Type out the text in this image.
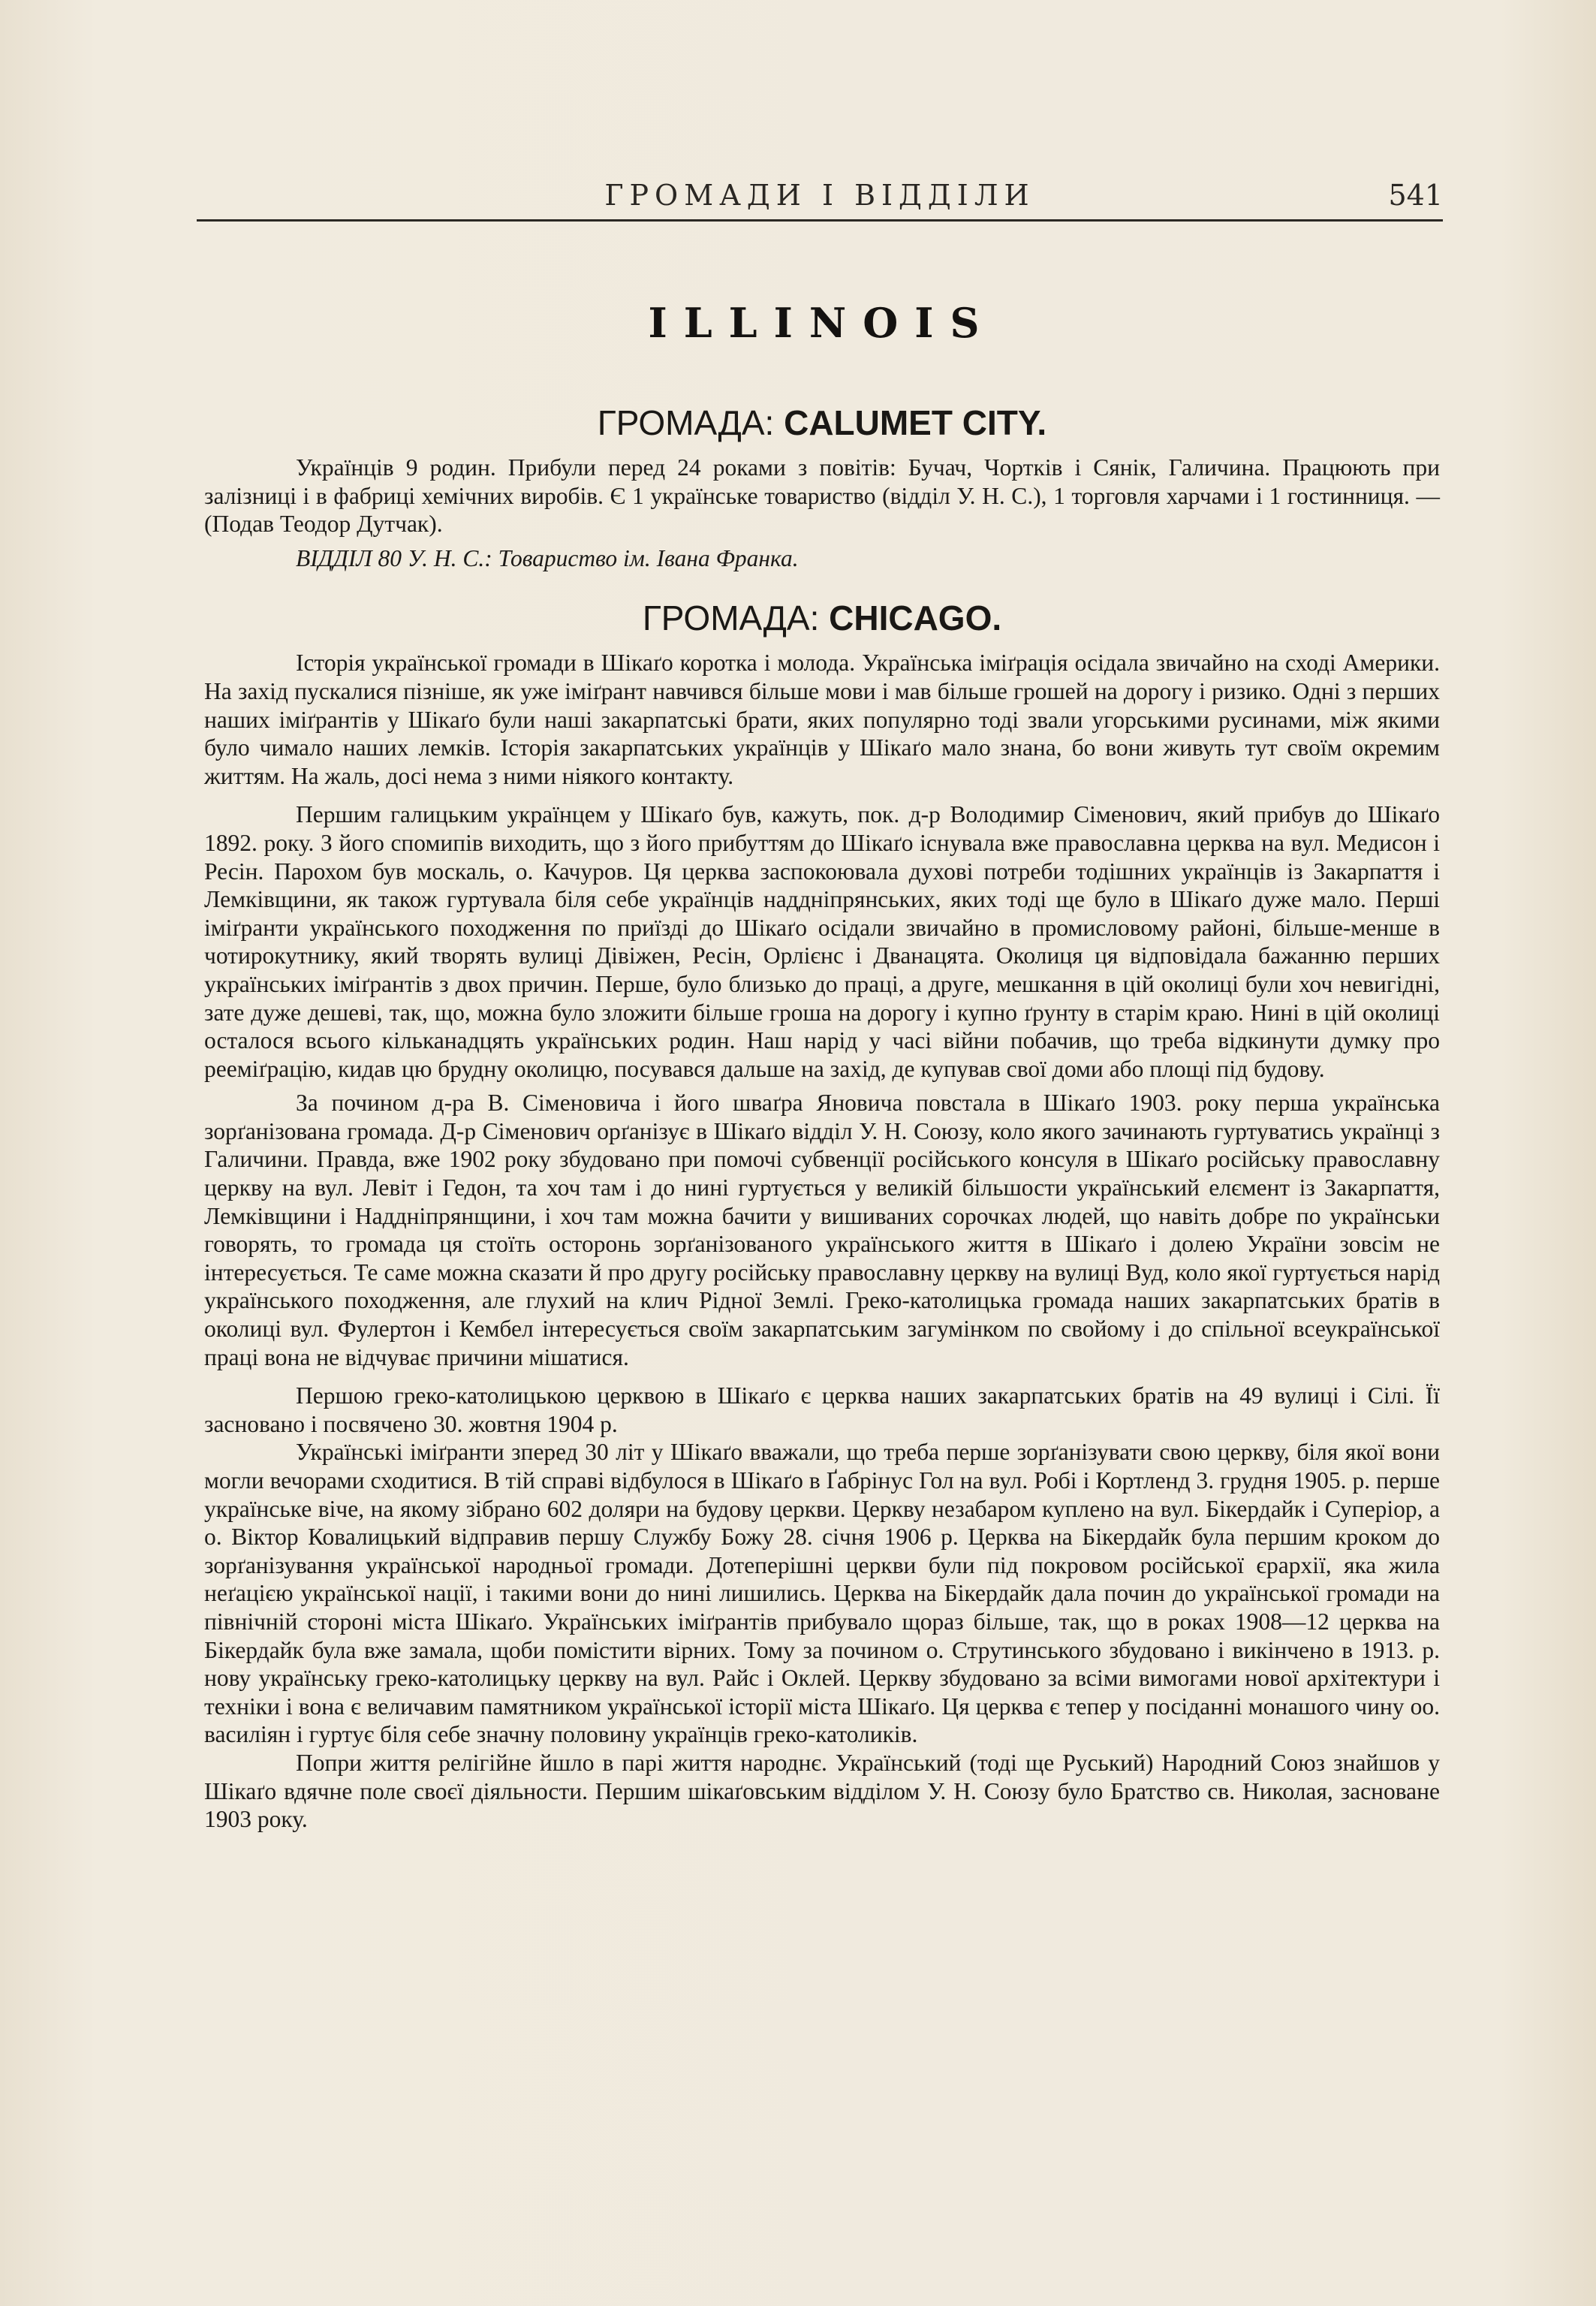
ГРОМАДИ І ВІДДІЛИ	541
ILLINOIS
ГРОМАДА: CALUMET CITY.

Українців 9 родин. Прибули перед 24 роками з повітів: Бучач, Чортків і Сянік, Галичина. Працюють при залізниці і в фабриці хемічних виробів. Є 1 українське товариство (відділ У. Н. С.), 1 торговля харчами і 1 гостинниця. — (Подав Теодор Дутчак).

ВІДДІЛ 80 У. Н. С.: Товариство ім. Івана Франка.

ГРОМАДА: CHICAGO.

Історія української громади в Шікаґо коротка і молода. Українська іміґрація осідала звичайно на сході Америки. На захід пускалися пізніше, як уже іміґрант навчився більше мови і мав більше грошей на дорогу і ризико. Одні з перших наших іміґрантів у Шікаґо були наші закарпатські брати, яких популярно тоді звали угорськими русинами, між якими було чимало наших лемків. Історія закарпатських українців у Шікаґо мало знана, бо вони живуть тут своїм окремим життям. На жаль, досі нема з ними ніякого контакту.

Першим галицьким українцем у Шікаґо був, кажуть, пок. д-р Володимир Сіменович, який прибув до Шікаґо 1892. року. З його спомипів виходить, що з його прибуттям до Шікаґо існувала вже православна церква на вул. Медисон і Ресін. Парохом був москаль, о. Качуров. Ця церква заспокоювала духові потреби тодішних українців із Закарпаття і Лемківщини, як також гуртувала біля себе українців наддніпрянських, яких тоді ще було в Шікаґо дуже мало. Перші іміґранти українського походження по приїзді до Шікаґо осідали звичайно в промисловому районі, більше-менше в чотирокутнику, який творять вулиці Дівіжен, Ресін, Орлієнс і Дванацята. Околиця ця відповідала бажанню перших українських іміґрантів з двох причин. Перше, було близько до праці, а друге, мешкання в цій околиці були хоч невигідні, зате дуже дешеві, так, що, можна було зложити більше гроша на дорогу і купно ґрунту в старім краю. Нині в цій околиці осталося всього кільканадцять українських родин. Наш нарід у часі війни побачив, що треба відкинути думку про рееміґрацію, кидав цю брудну околицю, посувався дальше на захід, де купував свої доми або площі під будову.

За почином д-ра В. Сіменовича і його шваґра Яновича повстала в Шікаґо 1903. року перша українська зорґанізована громада. Д-р Сіменович орґанізує в Шікаґо відділ У. Н. Союзу, коло якого зачинають гуртуватись українці з Галичини. Правда, вже 1902 року збудовано при помочі субвенції російського консуля в Шікаґо російську православну церкву на вул. Левіт і Гедон, та хоч там і до нині гуртується у великій більшости український елємент із Закарпаття, Лемківщини і Наддніпрянщини, і хоч там можна бачити у вишиваних сорочках людей, що навіть добре по українськи говорять, то громада ця стоїть осторонь зорґанізованого українського життя в Шікаґо і долею України зовсім не інтересується. Те саме можна сказати й про другу російську православну церкву на вулиці Вуд, коло якої гуртується нарід українського походження, але глухий на клич Рідної Землі. Греко-католицька громада наших закарпатських братів в околиці вул. Фулертон і Кембел інтересується своїм закарпатським загумінком по свойому і до спільної всеукраїнської праці вона не відчуває причини мішатися.

Першою греко-католицькою церквою в Шікаґо є церква наших закарпатських братів на 49 вулиці і Сілі. Її засновано і посвячено 30. жовтня 1904 р.

Українські іміґранти зперед 30 літ у Шікаґо вважали, що треба перше зорґанізувати свою церкву, біля якої вони могли вечорами сходитися. В тій справі відбулося в Шікаґо в Ґабрінус Гол на вул. Робі і Кортленд 3. грудня 1905. р. перше українське віче, на якому зібрано 602 доляри на будову церкви. Церкву незабаром куплено на вул. Бікердайк і Суперіор, а о. Віктор Ковалицький відправив першу Службу Божу 28. січня 1906 р. Церква на Бікердайк була першим кроком до зорґанізування української народньої громади. Дотеперішні церкви були під покровом російської єрархії, яка жила неґацією української нації, і такими вони до нині лишились. Церква на Бікердайк дала почин до української громади на північній стороні міста Шікаґо. Українських іміґрантів прибувало щораз більше, так, що в роках 1908—12 церква на Бікердайк була вже замала, щоби помістити вірних. Тому за почином о. Струтинського збудовано і викінчено в 1913. р. нову українську греко-католицьку церкву на вул. Райс і Оклей. Церкву збудовано за всіми вимогами нової архітектури і техніки і вона є величавим памятником української історії міста Шікаґо. Ця церква є тепер у посіданні монашого чину оо. василіян і гуртує біля себе значну половину українців греко-католиків.

Попри життя релігійне йшло в парі життя народнє. Український (тоді ще Руський) Народний Союз знайшов у Шікаґо вдячне поле своєї діяльности. Першим шікаґовським відділом У. Н. Союзу було Братство св. Николая, засноване 1903 року.
